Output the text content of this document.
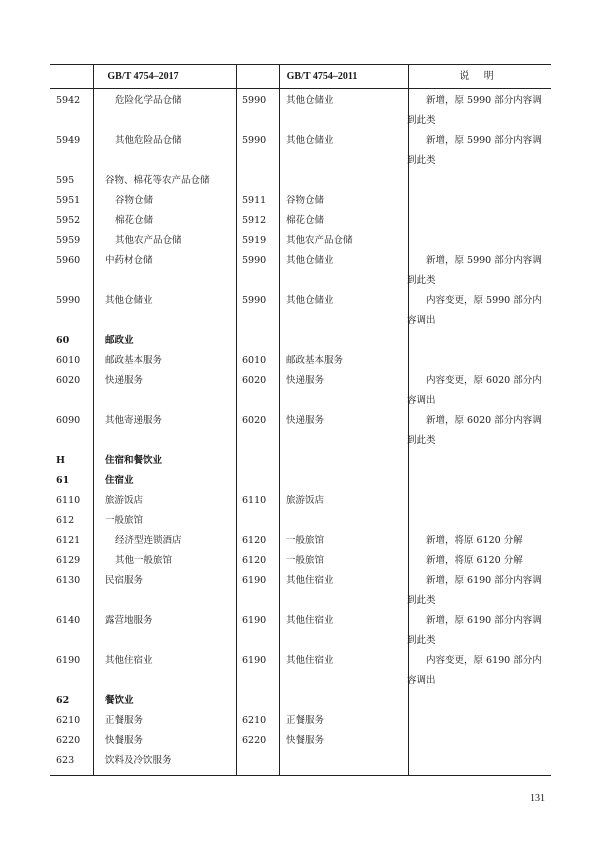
GB/T 4754–2017	GB/T 4754–2011	说 明
5942	危险化学品仓储	5990 其他仓储业	新增，原 5990 部分内容调到此类
5949	其他危险品仓储	5990 其他仓储业	新增，原 5990 部分内容调到此类
595	谷物、棉花等农产品仓储
5951	谷物仓储	5911 谷物仓储
5952	棉花仓储	5912 棉花仓储
5959	其他农产品仓储	5919 其他农产品仓储
5960	中药材仓储	5990 其他仓储业	新增，原 5990 部分内容调到此类
5990	其他仓储业	5990 其他仓储业	内容变更，原 5990 部分内容调出
60	邮政业
6010	邮政基本服务	6010 邮政基本服务
6020	快递服务	6020 快递服务	内容变更，原 6020 部分内容调出
6090	其他寄递服务	6020 快递服务	新增，原 6020 部分内容调到此类
H	住宿和餐饮业
61	住宿业
6110	旅游饭店	6110 旅游饭店
612	一般旅馆
6121	经济型连锁酒店	6120 一般旅馆	新增，将原 6120 分解
6129	其他一般旅馆	6120 一般旅馆	新增，将原 6120 分解
6130	民宿服务	6190 其他住宿业	新增，原 6190 部分内容调到此类
6140	露营地服务	6190 其他住宿业	新增，原 6190 部分内容调到此类
6190	其他住宿业	6190 其他住宿业	内容变更，原 6190 部分内容调出
62	餐饮业
6210	正餐服务	6210 正餐服务
6220	快餐服务	6220 快餐服务
623	饮料及冷饮服务
131
